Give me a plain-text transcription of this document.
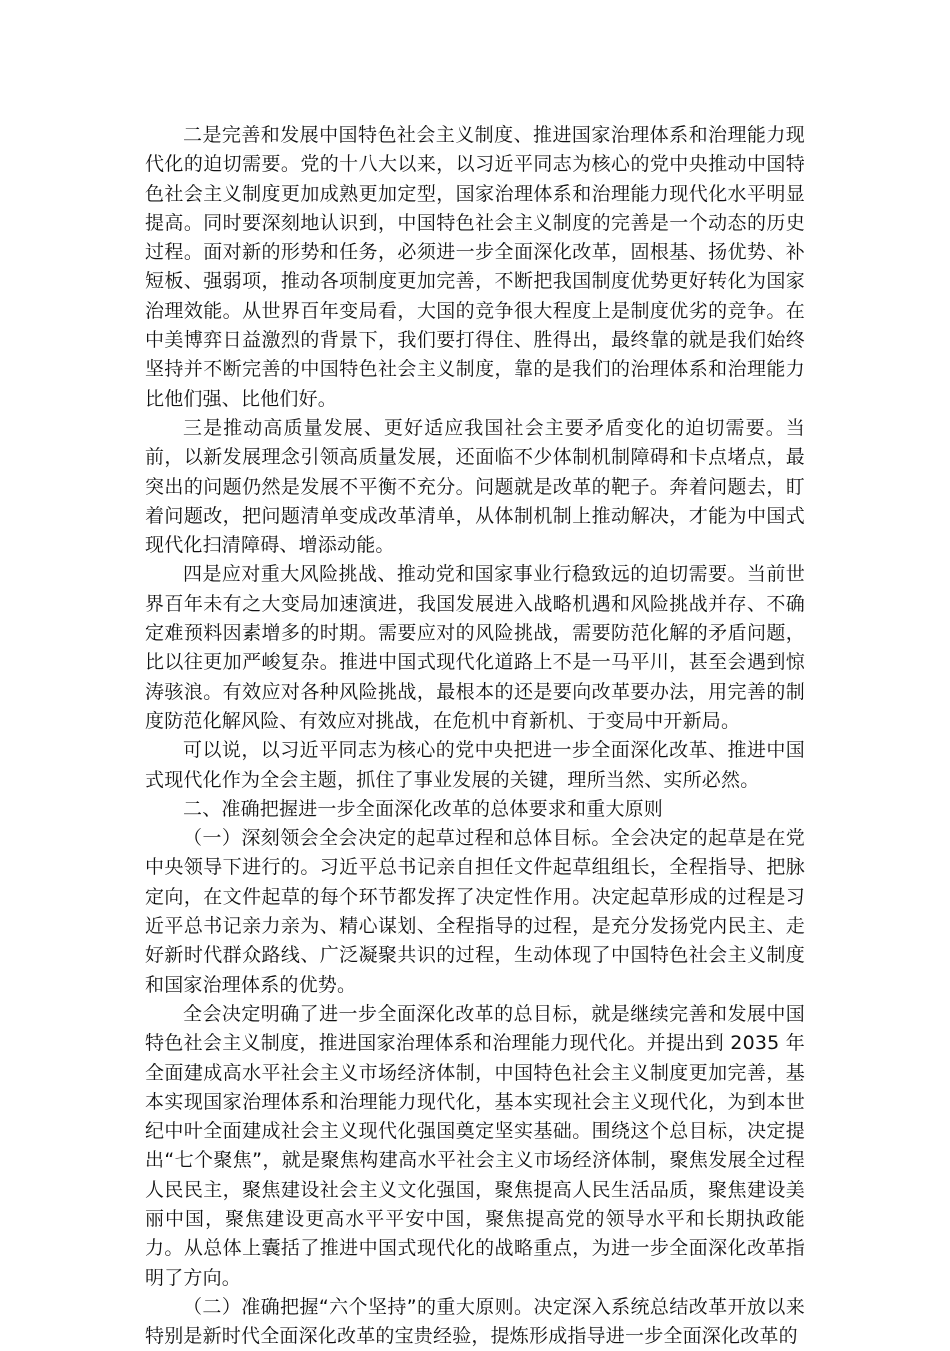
二是完善和发展中国特色社会主义制度、推进国家治理体系和治理能力现代化的迫切需要。党的十八大以来，以习近平同志为核心的党中央推动中国特色社会主义制度更加成熟更加定型，国家治理体系和治理能力现代化水平明显提高。同时要深刻地认识到，中国特色社会主义制度的完善是一个动态的历史过程。面对新的形势和任务，必须进一步全面深化改革，固根基、扬优势、补短板、强弱项，推动各项制度更加完善，不断把我国制度优势更好转化为国家治理效能。从世界百年变局看，大国的竞争很大程度上是制度优劣的竞争。在中美博弈日益激烈的背景下，我们要打得住、胜得出，最终靠的就是我们始终坚持并不断完善的中国特色社会主义制度，靠的是我们的治理体系和治理能力比他们强、比他们好。

三是推动高质量发展、更好适应我国社会主要矛盾变化的迫切需要。当前，以新发展理念引领高质量发展，还面临不少体制机制障碍和卡点堵点，最突出的问题仍然是发展不平衡不充分。问题就是改革的靶子。奔着问题去，盯着问题改，把问题清单变成改革清单，从体制机制上推动解决，才能为中国式现代化扫清障碍、增添动能。

四是应对重大风险挑战、推动党和国家事业行稳致远的迫切需要。当前世界百年未有之大变局加速演进，我国发展进入战略机遇和风险挑战并存、不确定难预料因素增多的时期。需要应对的风险挑战，需要防范化解的矛盾问题，比以往更加严峻复杂。推进中国式现代化道路上不是一马平川，甚至会遇到惊涛骇浪。有效应对各种风险挑战，最根本的还是要向改革要办法，用完善的制度防范化解风险、有效应对挑战，在危机中育新机、于变局中开新局。

可以说，以习近平同志为核心的党中央把进一步全面深化改革、推进中国式现代化作为全会主题，抓住了事业发展的关键，理所当然、实所必然。

二、准确把握进一步全面深化改革的总体要求和重大原则

（一）深刻领会全会决定的起草过程和总体目标。全会决定的起草是在党中央领导下进行的。习近平总书记亲自担任文件起草组组长，全程指导、把脉定向，在文件起草的每个环节都发挥了决定性作用。决定起草形成的过程是习近平总书记亲力亲为、精心谋划、全程指导的过程，是充分发扬党内民主、走好新时代群众路线、广泛凝聚共识的过程，生动体现了中国特色社会主义制度和国家治理体系的优势。

全会决定明确了进一步全面深化改革的总目标，就是继续完善和发展中国特色社会主义制度，推进国家治理体系和治理能力现代化。并提出到 2035 年全面建成高水平社会主义市场经济体制，中国特色社会主义制度更加完善，基本实现国家治理体系和治理能力现代化，基本实现社会主义现代化，为到本世纪中叶全面建成社会主义现代化强国奠定坚实基础。围绕这个总目标，决定提出“七个聚焦”，就是聚焦构建高水平社会主义市场经济体制，聚焦发展全过程人民民主，聚焦建设社会主义文化强国，聚焦提高人民生活品质，聚焦建设美丽中国，聚焦建设更高水平平安中国，聚焦提高党的领导水平和长期执政能力。从总体上囊括了推进中国式现代化的战略重点，为进一步全面深化改革指明了方向。

（二）准确把握“六个坚持”的重大原则。决定深入系统总结改革开放以来特别是新时代全面深化改革的宝贵经验，提炼形成指导进一步全面深化改革的
